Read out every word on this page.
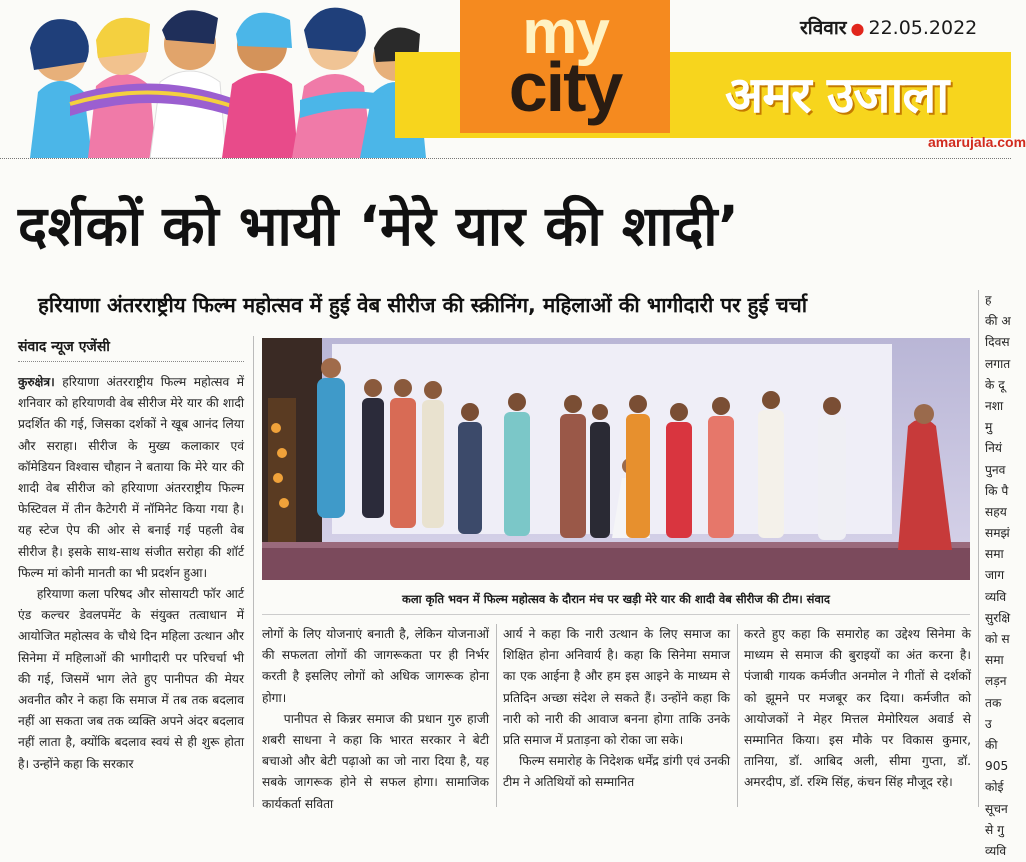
my
city
रविवार ● 22.05.2022
अमर उजाला
amarujala.com
दर्शकों को भायी ‘मेरे यार की शादी’
हरियाणा अंतरराष्ट्रीय फिल्म महोत्सव में हुई वेब सीरीज की स्क्रीनिंग, महिलाओं की भागीदारी पर हुई चर्चा
संवाद न्यूज एजेंसी

कुरुक्षेत्र। हरियाणा अंतरराष्ट्रीय फिल्म महोत्सव में शनिवार को हरियाणवी वेब सीरीज मेरे यार की शादी प्रदर्शित की गई, जिसका दर्शकों ने खूब आनंद लिया और सराहा। सीरीज के मुख्य कलाकार एवं कॉमेडियन विश्वास चौहान ने बताया कि मेरे यार की शादी वेब सीरीज को हरियाणा अंतरराष्ट्रीय फिल्म फेस्टिवल में तीन कैटेगरी में नॉमिनेट किया गया है। यह स्टेज ऐप की ओर से बनाई गई पहली वेब सीरीज है। इसके साथ-साथ संजीत सरोहा की शॉर्ट फिल्म मां कोनी मानती का भी प्रदर्शन हुआ।

हरियाणा कला परिषद और सोसायटी फॉर आर्ट एंड कल्चर डेवलपमेंट के संयुक्त तत्वाधान में आयोजित महोत्सव के चौथे दिन महिला उत्थान और सिनेमा में महिलाओं की भागीदारी पर परिचर्चा भी की गई, जिसमें भाग लेते हुए पानीपत की मेयर अवनीत कौर ने कहा कि समाज में तब तक बदलाव नहीं आ सकता जब तक व्यक्ति अपने अंदर बदलाव नहीं लाता है, क्योंकि बदलाव स्वयं से ही शुरू होता है। उन्होंने कहा कि सरकार

कला कृति भवन में फिल्म महोत्सव के दौरान मंच पर खड़ी मेरे यार की शादी वेब सीरीज की टीम। संवाद

लोगों के लिए योजनाएं बनाती है, लेकिन योजनाओं की सफलता लोगों की जागरूकता पर ही निर्भर करती है इसलिए लोगों को अधिक जागरूक होना होगा।

पानीपत से किन्नर समाज की प्रधान गुरु हाजी शबरी साधना ने कहा कि भारत सरकार ने बेटी बचाओ और बेटी पढ़ाओ का जो नारा दिया है, यह सबके जागरूक होने से सफल होगा। सामाजिक कार्यकर्ता सविता

आर्य ने कहा कि नारी उत्थान के लिए समाज का शिक्षित होना अनिवार्य है। कहा कि सिनेमा समाज का एक आईना है और हम इस आइने के माध्यम से प्रतिदिन अच्छा संदेश ले सकते हैं। उन्होंने कहा कि नारी को नारी की आवाज बनना होगा ताकि उनके प्रति समाज में प्रताड़ना को रोका जा सके।

फिल्म समारोह के निदेशक धर्मेंद्र डांगी एवं उनकी टीम ने अतिथियों को सम्मानित

करते हुए कहा कि समारोह का उद्देश्य सिनेमा के माध्यम से समाज की बुराइयों का अंत करना है। पंजाबी गायक कर्मजीत अनमोल ने गीतों से दर्शकों को झूमने पर मजबूर कर दिया। कर्मजीत को आयोजकों ने मेहर मित्तल मेमोरियल अवार्ड से सम्मानित किया। इस मौके पर विकास कुमार, तानिया, डॉ. आबिद अली, सीमा गुप्ता, डॉ. अमरदीप, डॉ. रश्मि सिंह, कंचन सिंह मौजूद रहे।

ह
की अ
दिवस
लगात
के दू
नशा
मु
नियं
पुनव
कि पै
सहय
समझं
समा
जाग
व्यवि
सुरक्षि
को स
समा
लड़न
तक
उ
की
905
कोई
सूचन
से गु
व्यवि
